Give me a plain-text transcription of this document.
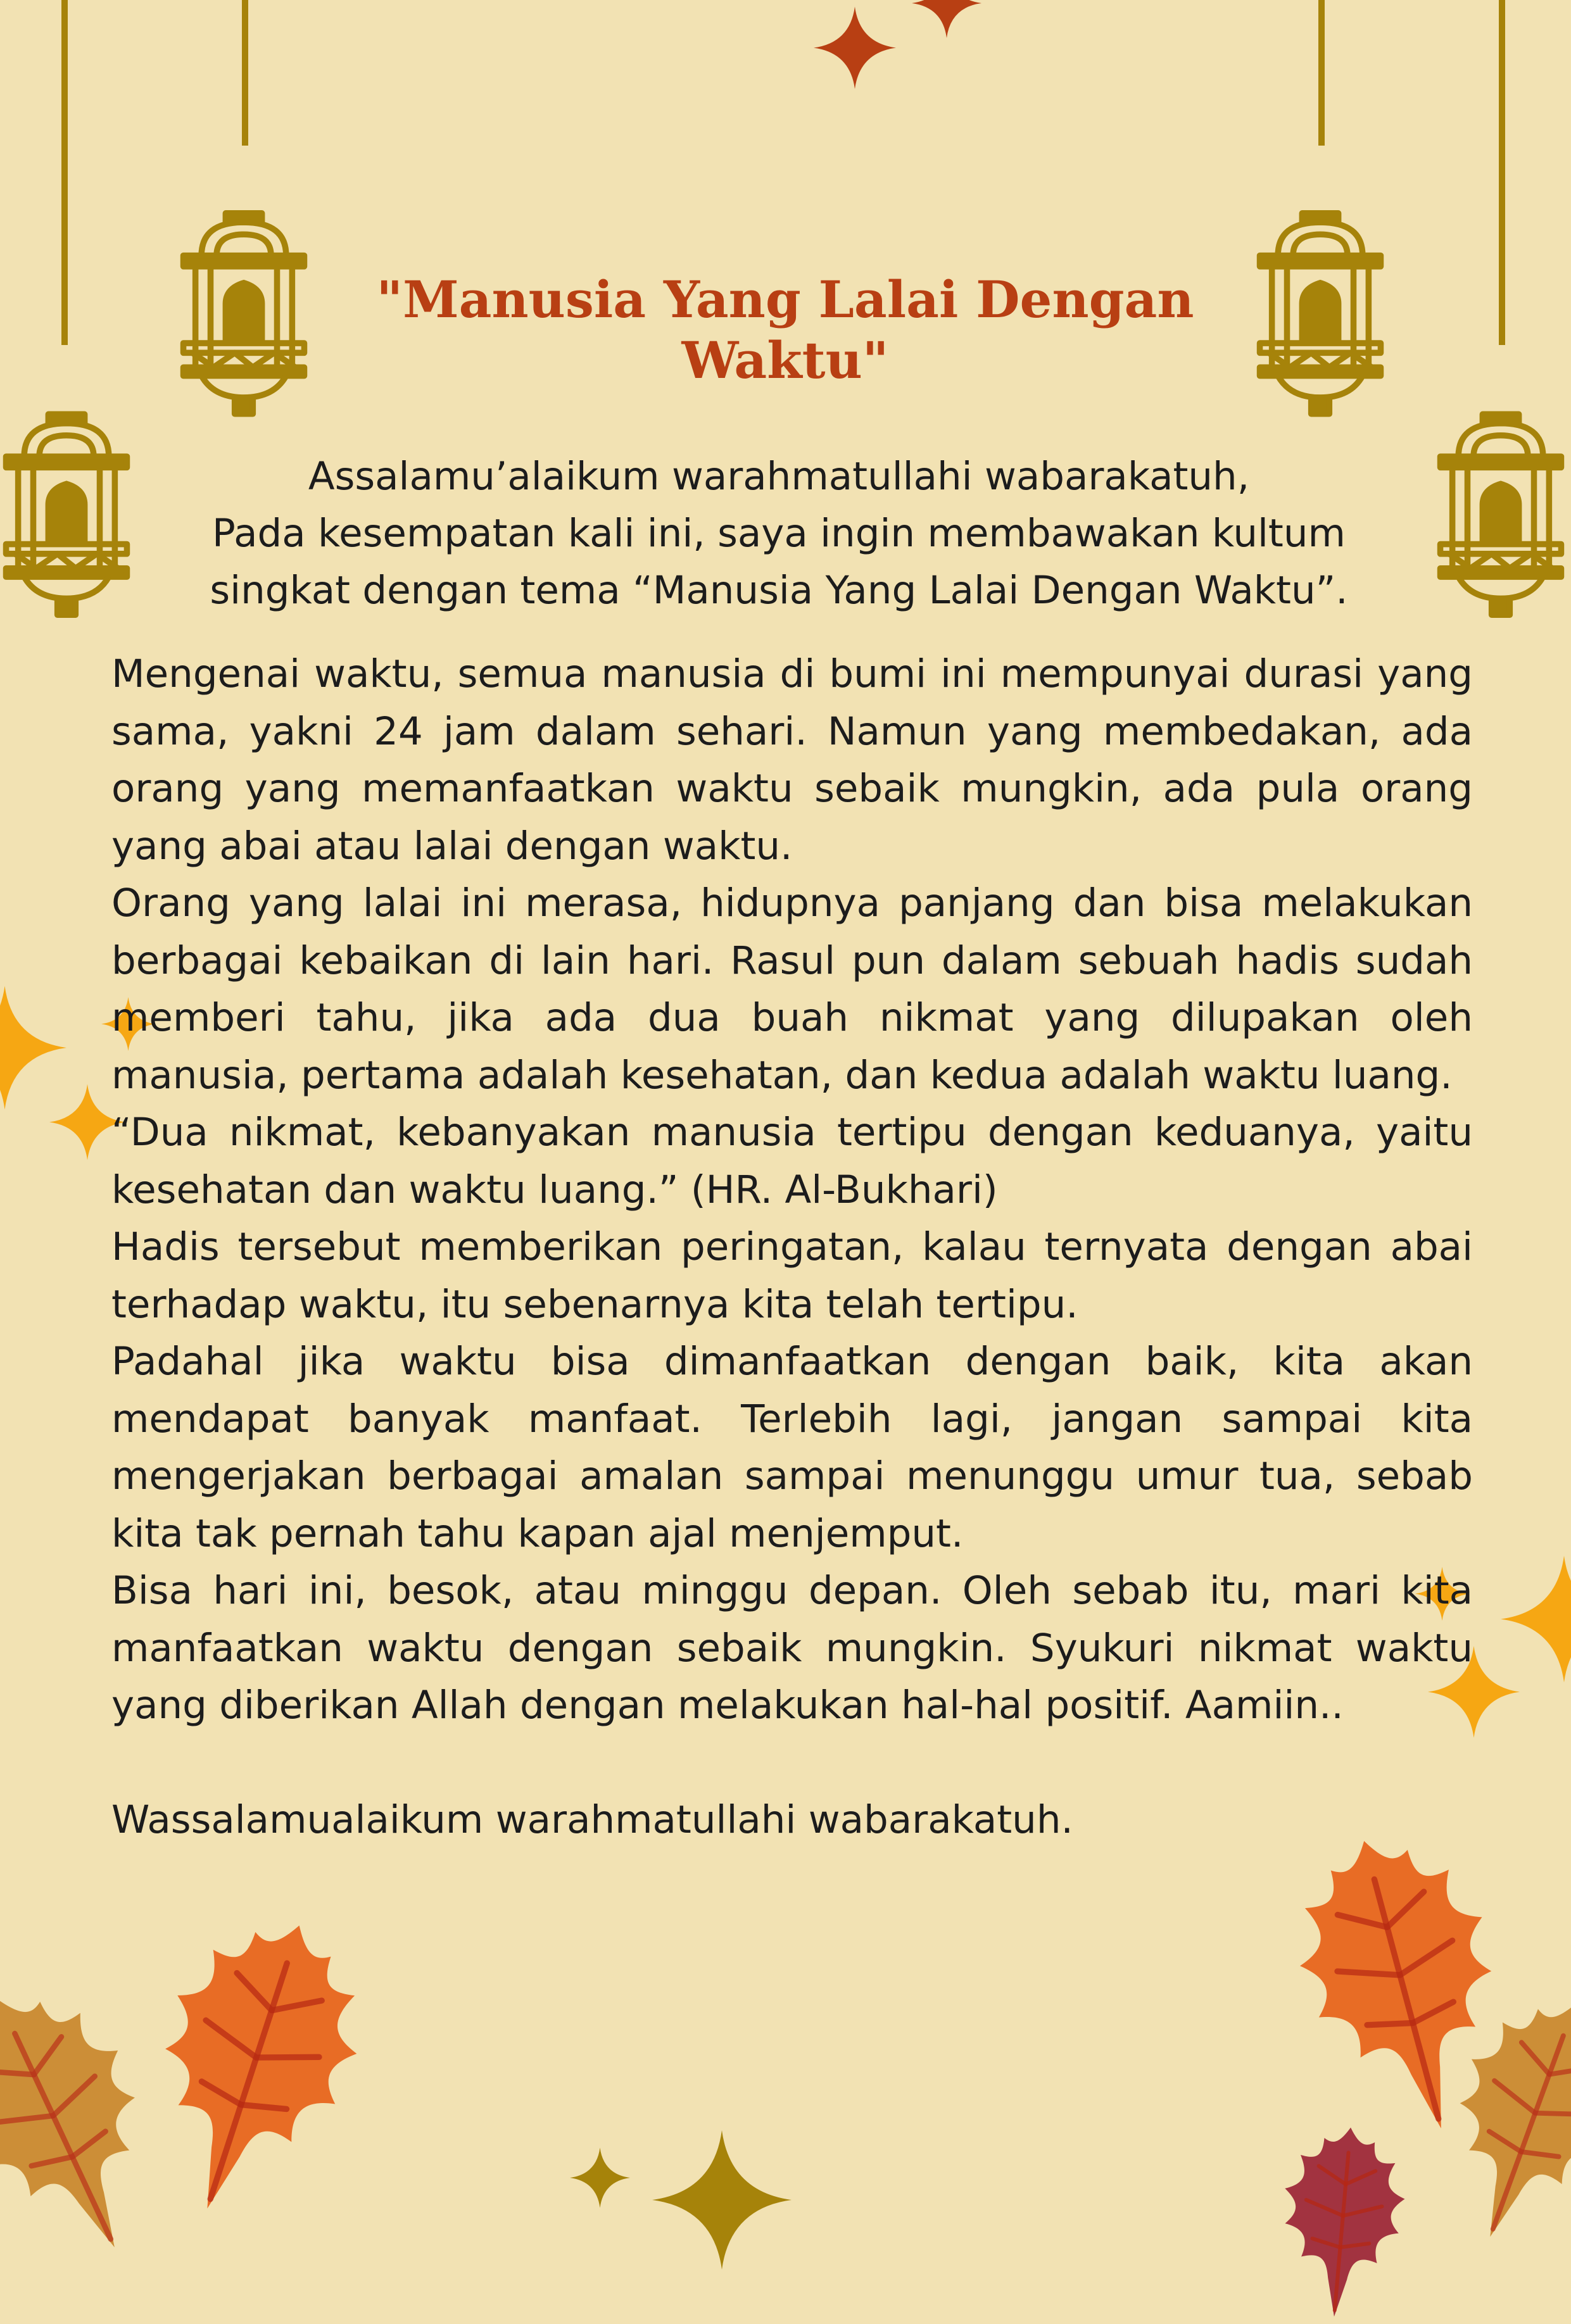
"Manusia Yang Lalai Dengan Waktu"

Assalamu’alaikum warahmatullahi wabarakatuh,

Pada kesempatan kali ini, saya ingin membawakan kultum

singkat dengan tema “Manusia Yang Lalai Dengan Waktu”.

Mengenai waktu, semua manusia di bumi ini mempunyai durasi yang sama, yakni 24 jam dalam sehari. Namun yang membedakan, ada orang yang memanfaatkan waktu sebaik mungkin, ada pula orang yang abai atau lalai dengan waktu.

Orang yang lalai ini merasa, hidupnya panjang dan bisa melakukan berbagai kebaikan di lain hari. Rasul pun dalam sebuah hadis sudah memberi tahu, jika ada dua buah nikmat yang dilupakan oleh manusia, pertama adalah kesehatan, dan kedua adalah waktu luang.

“Dua nikmat, kebanyakan manusia tertipu dengan keduanya, yaitu kesehatan dan waktu luang.” (HR. Al-Bukhari)

Hadis tersebut memberikan peringatan, kalau ternyata dengan abai terhadap waktu, itu sebenarnya kita telah tertipu.

Padahal jika waktu bisa dimanfaatkan dengan baik, kita akan mendapat banyak manfaat. Terlebih lagi, jangan sampai kita mengerjakan berbagai amalan sampai menunggu umur tua, sebab kita tak pernah tahu kapan ajal menjemput.

Bisa hari ini, besok, atau minggu depan. Oleh sebab itu, mari kita manfaatkan waktu dengan sebaik mungkin. Syukuri nikmat waktu yang diberikan Allah dengan melakukan hal-hal positif. Aamiin..

Wassalamualaikum warahmatullahi wabarakatuh.
